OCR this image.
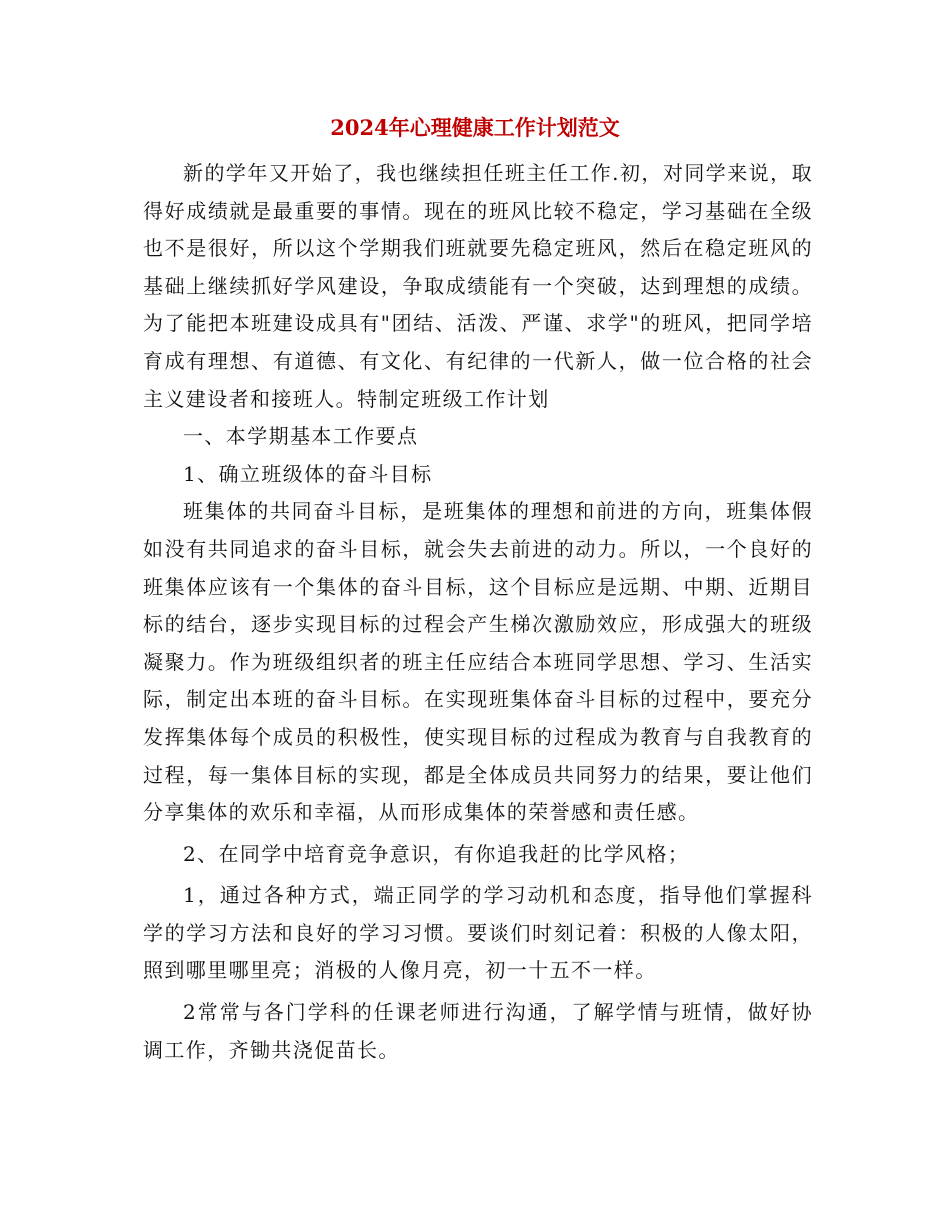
2024年心理健康工作计划范文

新的学年又开始了，我也继续担任班主任工作.初，对同学来说，取得好成绩就是最重要的事情。现在的班风比较不稳定，学习基础在全级也不是很好，所以这个学期我们班就要先稳定班风，然后在稳定班风的基础上继续抓好学风建设，争取成绩能有一个突破，达到理想的成绩。为了能把本班建设成具有"团结、活泼、严谨、求学"的班风，把同学培育成有理想、有道德、有文化、有纪律的一代新人，做一位合格的社会主义建设者和接班人。特制定班级工作计划

一、本学期基本工作要点

1、确立班级体的奋斗目标

班集体的共同奋斗目标，是班集体的理想和前进的方向，班集体假如没有共同追求的奋斗目标，就会失去前进的动力。所以，一个良好的班集体应该有一个集体的奋斗目标，这个目标应是远期、中期、近期目标的结台，逐步实现目标的过程会产生梯次激励效应，形成强大的班级凝聚力。作为班级组织者的班主任应结合本班同学思想、学习、生活实际，制定出本班的奋斗目标。在实现班集体奋斗目标的过程中，要充分发挥集体每个成员的积极性，使实现目标的过程成为教育与自我教育的过程，每一集体目标的实现，都是全体成员共同努力的结果，要让他们分享集体的欢乐和幸福，从而形成集体的荣誉感和责任感。

2、在同学中培育竞争意识，有你追我赶的比学风格；

1，通过各种方式，端正同学的学习动机和态度，指导他们掌握科学的学习方法和良好的学习习惯。要谈们时刻记着：积极的人像太阳，照到哪里哪里亮；消极的人像月亮，初一十五不一样。

2常常与各门学科的任课老师进行沟通，了解学情与班情，做好协调工作，齐锄共浇促苗长。
